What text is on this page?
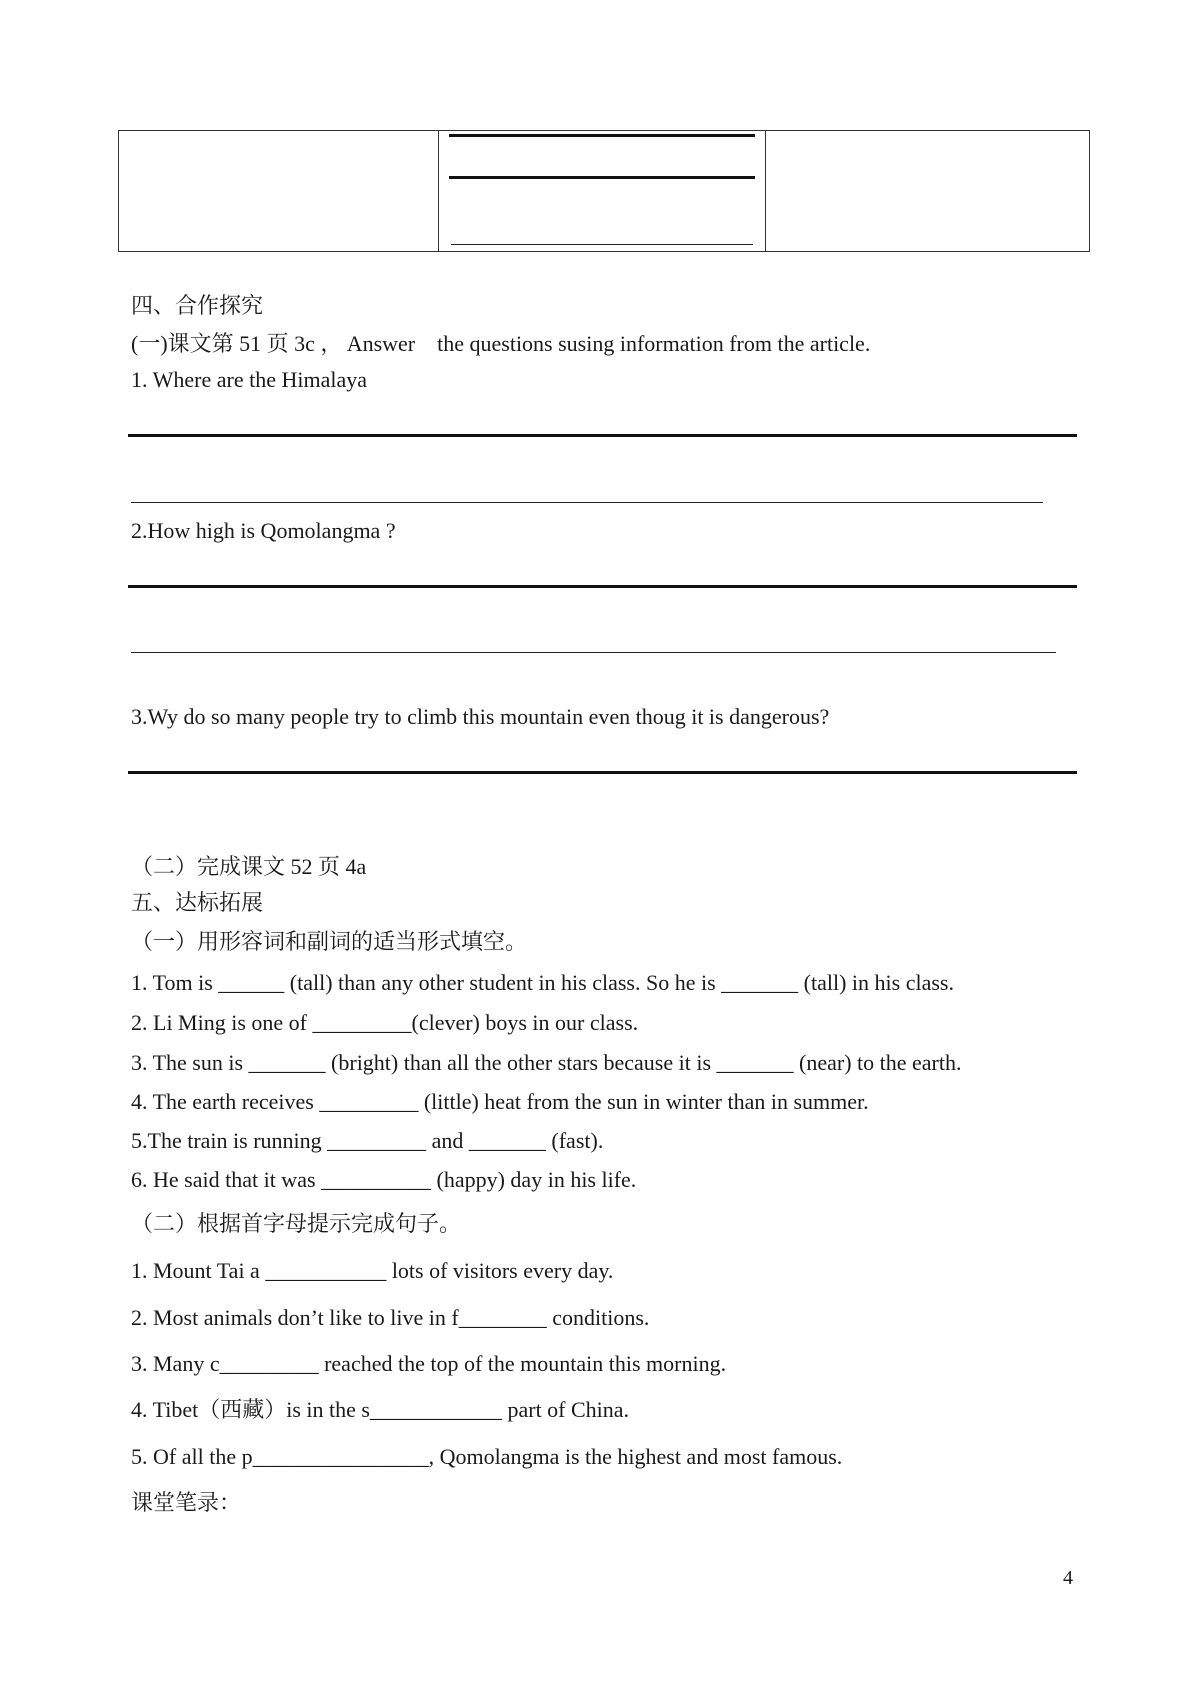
四、合作探究
(一)课文第 51 页 3c ， Answer    the questions susing information from the article.
1. Where are the Himalaya
2.How high is Qomolangma ?
3.Wy do so many people try to climb this mountain even thoug it is dangerous?
（二）完成课文 52 页 4a
五、达标拓展
（一）用形容词和副词的适当形式填空。
1. Tom is ______ (tall) than any other student in his class. So he is _______ (tall) in his class.
2. Li Ming is one of _________(clever) boys in our class.
3. The sun is _______ (bright) than all the other stars because it is _______ (near) to the earth.
4. The earth receives _________ (little) heat from the sun in winter than in summer.
5.The train is running _________ and _______ (fast).
6. He said that it was __________ (happy) day in his life.
（二）根据首字母提示完成句子。
1. Mount Tai a ___________ lots of visitors every day.
2. Most animals don’t like to live in f________ conditions.
3. Many c_________ reached the top of the mountain this morning.
4. Tibet（西藏）is in the s____________ part of China.
5. Of all the p________________, Qomolangma is the highest and most famous.
课堂笔录：
4
